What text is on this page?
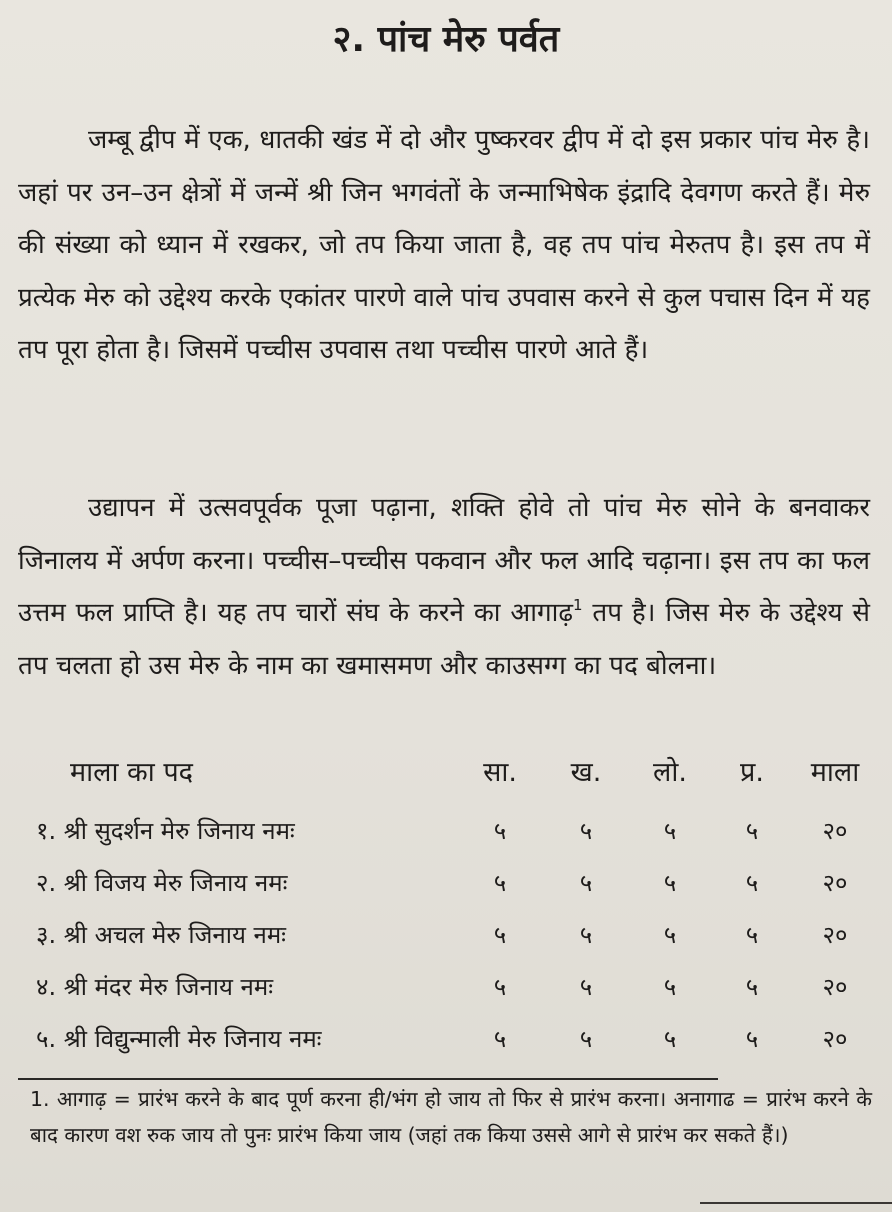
२. पांच मेरु पर्वत

जम्बू द्वीप में एक, धातकी खंड में दो और पुष्करवर द्वीप में दो इस प्रकार पांच मेरु है। जहां पर उन–उन क्षेत्रों में जन्में श्री जिन भगवंतों के जन्माभिषेक इंद्रादि देवगण करते हैं। मेरु की संख्या को ध्यान में रखकर, जो तप किया जाता है, वह तप पांच मेरुतप है। इस तप में प्रत्येक मेरु को उद्देश्य करके एकांतर पारणे वाले पांच उपवास करने से कुल पचास दिन में यह तप पूरा होता है। जिसमें पच्चीस उपवास तथा पच्चीस पारणे आते हैं।

उद्यापन में उत्सवपूर्वक पूजा पढ़ाना, शक्ति होवे तो पांच मेरु सोने के बनवाकर जिनालय में अर्पण करना। पच्चीस–पच्चीस पकवान और फल आदि चढ़ाना। इस तप का फल उत्तम फल प्राप्ति है। यह तप चारों संघ के करने का आगाढ़$^1$ तप है। जिस मेरु के उद्देश्य से तप चलता हो उस मेरु के नाम का खमासमण और काउसग्ग का पद बोलना।

माला का पद	सा.	ख.	लो.	प्र.	माला
१. श्री सुदर्शन मेरु जिनाय नमः	५	५	५	५	२०
२. श्री विजय मेरु जिनाय नमः	५	५	५	५	२०
३. श्री अचल मेरु जिनाय नमः	५	५	५	५	२०
४. श्री मंदर मेरु जिनाय नमः	५	५	५	५	२०
५. श्री विद्युन्माली मेरु जिनाय नमः	५	५	५	५	२०

1. आगाढ़ = प्रारंभ करने के बाद पूर्ण करना ही/भंग हो जाय तो फिर से प्रारंभ करना। अनागाढ = प्रारंभ करने के बाद कारण वश रुक जाय तो पुनः प्रारंभ किया जाय (जहां तक किया उससे आगे से प्रारंभ कर सकते हैं।)
